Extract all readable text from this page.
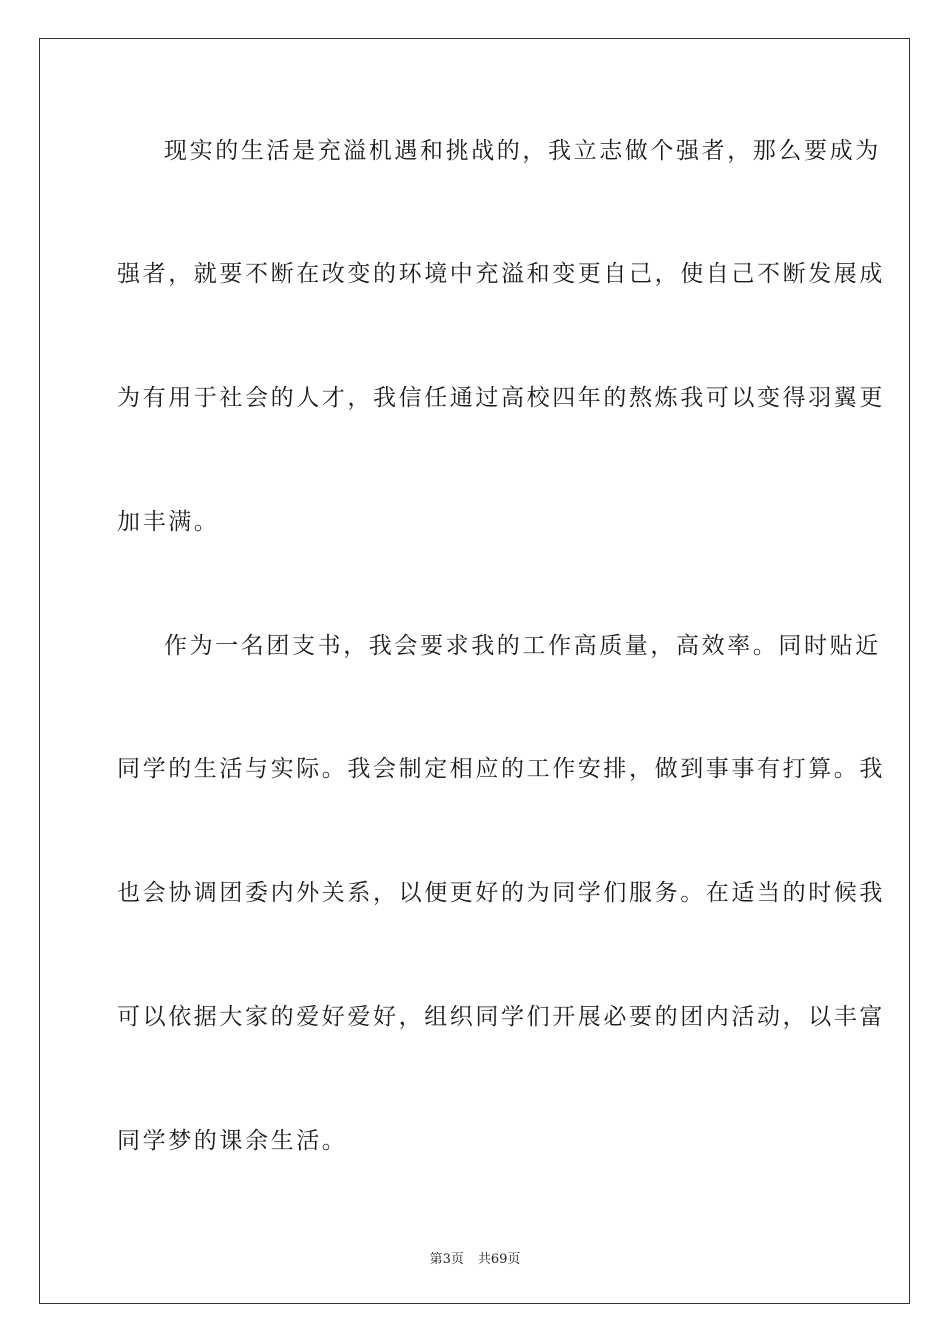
现实的生活是充溢机遇和挑战的，我立志做个强者，那么要成为
强者，就要不断在改变的环境中充溢和变更自己，使自己不断发展成
为有用于社会的人才，我信任通过高校四年的熬炼我可以变得羽翼更
加丰满。
作为一名团支书，我会要求我的工作高质量，高效率。同时贴近
同学的生活与实际。我会制定相应的工作安排，做到事事有打算。我
也会协调团委内外关系，以便更好的为同学们服务。在适当的时候我
可以依据大家的爱好爱好，组织同学们开展必要的团内活动，以丰富
同学梦的课余生活。
第3页 共69页
